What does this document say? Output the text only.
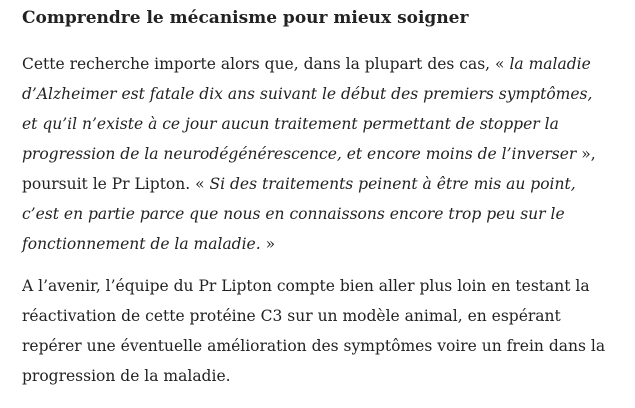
Comprendre le mécanisme pour mieux soigner
Cette recherche importe alors que, dans la plupart des cas, « la maladie
d’Alzheimer est fatale dix ans suivant le début des premiers symptômes,
et qu’il n’existe à ce jour aucun traitement permettant de stopper la
progression de la neurodégénérescence, et encore moins de l’inverser »,
poursuit le Pr Lipton. « Si des traitements peinent à être mis au point,
c’est en partie parce que nous en connaissons encore trop peu sur le
fonctionnement de la maladie. »
A l’avenir, l’équipe du Pr Lipton compte bien aller plus loin en testant la
réactivation de cette protéine C3 sur un modèle animal, en espérant
repérer une éventuelle amélioration des symptômes voire un frein dans la
progression de la maladie.
